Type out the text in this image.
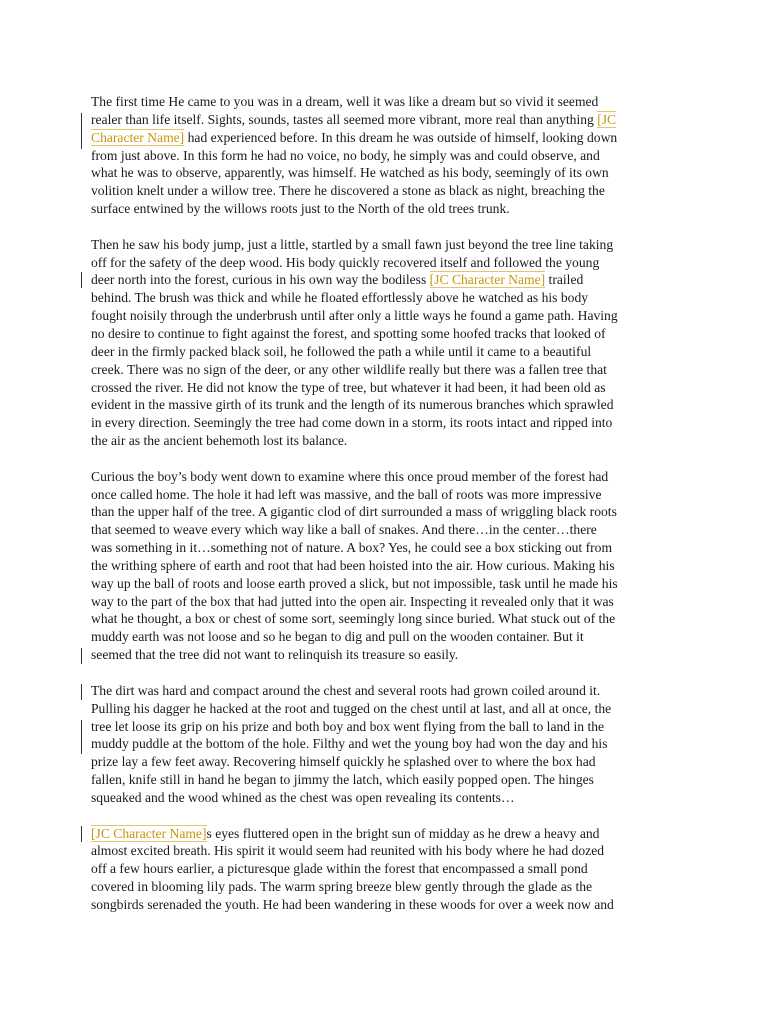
The first time He came to you was in a dream, well it was like a dream but so vivid it seemed
realer than life itself. Sights, sounds, tastes all seemed more vibrant, more real than anything [JC
Character Name] had experienced before. In this dream he was outside of himself, looking down
from just above. In this form he had no voice, no body, he simply was and could observe, and
what he was to observe, apparently, was himself. He watched as his body, seemingly of its own
volition knelt under a willow tree. There he discovered a stone as black as night, breaching the
surface entwined by the willows roots just to the North of the old trees trunk.

Then he saw his body jump, just a little, startled by a small fawn just beyond the tree line taking
off for the safety of the deep wood. His body quickly recovered itself and followed the young
deer north into the forest, curious in his own way the bodiless [JC Character Name] trailed
behind. The brush was thick and while he floated effortlessly above he watched as his body
fought noisily through the underbrush until after only a little ways he found a game path. Having
no desire to continue to fight against the forest, and spotting some hoofed tracks that looked of
deer in the firmly packed black soil, he followed the path a while until it came to a beautiful
creek. There was no sign of the deer, or any other wildlife really but there was a fallen tree that
crossed the river. He did not know the type of tree, but whatever it had been, it had been old as
evident in the massive girth of its trunk and the length of its numerous branches which sprawled
in every direction. Seemingly the tree had come down in a storm, its roots intact and ripped into
the air as the ancient behemoth lost its balance.

Curious the boy’s body went down to examine where this once proud member of the forest had
once called home. The hole it had left was massive, and the ball of roots was more impressive
than the upper half of the tree. A gigantic clod of dirt surrounded a mass of wriggling black roots
that seemed to weave every which way like a ball of snakes. And there…in the center…there
was something in it…something not of nature. A box? Yes, he could see a box sticking out from
the writhing sphere of earth and root that had been hoisted into the air. How curious. Making his
way up the ball of roots and loose earth proved a slick, but not impossible, task until he made his
way to the part of the box that had jutted into the open air. Inspecting it revealed only that it was
what he thought, a box or chest of some sort, seemingly long since buried. What stuck out of the
muddy earth was not loose and so he began to dig and pull on the wooden container. But it
seemed that the tree did not want to relinquish its treasure so easily.

The dirt was hard and compact around the chest and several roots had grown coiled around it.
Pulling his dagger he hacked at the root and tugged on the chest until at last, and all at once, the
tree let loose its grip on his prize and both boy and box went flying from the ball to land in the
muddy puddle at the bottom of the hole. Filthy and wet the young boy had won the day and his
prize lay a few feet away. Recovering himself quickly he splashed over to where the box had
fallen, knife still in hand he began to jimmy the latch, which easily popped open. The hinges
squeaked and the wood whined as the chest was open revealing its contents…

[JC Character Name]s eyes fluttered open in the bright sun of midday as he drew a heavy and
almost excited breath. His spirit it would seem had reunited with his body where he had dozed
off a few hours earlier, a picturesque glade within the forest that encompassed a small pond
covered in blooming lily pads. The warm spring breeze blew gently through the glade as the
songbirds serenaded the youth. He had been wandering in these woods for over a week now and
